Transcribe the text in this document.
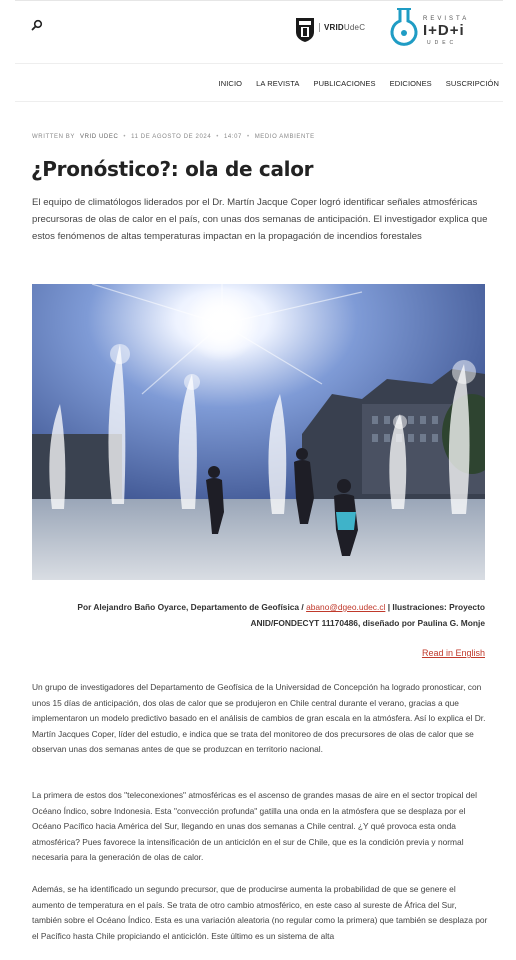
VRIDUdeC
REVISTA
I+D+i
UDEC
INICIO LA REVISTA PUBLICACIONES EDICIONES SUSCRIPCIÓN
WRITTEN BY VRID UDEC • 11 DE AGOSTO DE 2024 • 14:07 • MEDIO AMBIENTE
¿Pronóstico?: ola de calor

El equipo de climatólogos liderados por el Dr. Martín Jacque Coper logró identificar señales atmosféricas precursoras de olas de calor en el país, con unas dos semanas de anticipación. El investigador explica que estos fenómenos de altas temperaturas impactan en la propagación de incendios forestales

Por Alejandro Baño Oyarce, Departamento de Geofísica / abano@dgeo.udec.cl | Ilustraciones: Proyecto ANID/FONDECYT 11170486, diseñado por Paulina G. Monje

Read in English

Un grupo de investigadores del Departamento de Geofísica de la Universidad de Concepción ha logrado pronosticar, con unos 15 días de anticipación, dos olas de calor que se produjeron en Chile central durante el verano, gracias a que implementaron un modelo predictivo basado en el análisis de cambios de gran escala en la atmósfera. Así lo explica el Dr. Martín Jacques Coper, líder del estudio, e indica que se trata del monitoreo de dos precursores de olas de calor que se observan unas dos semanas antes de que se produzcan en territorio nacional.

La primera de estos dos "teleconexiones" atmosféricas es el ascenso de grandes masas de aire en el sector tropical del Océano Índico, sobre Indonesia. Esta "convección profunda" gatilla una onda en la atmósfera que se desplaza por el Océano Pacífico hacia América del Sur, llegando en unas dos semanas a Chile central. ¿Y qué provoca esta onda atmosférica? Pues favorece la intensificación de un anticiclón en el sur de Chile, que es la condición previa y normal necesaria para la generación de olas de calor.

Además, se ha identificado un segundo precursor, que de producirse aumenta la probabilidad de que se genere el aumento de temperatura en el país. Se trata de otro cambio atmosférico, en este caso al sureste de África del Sur, también sobre el Océano Índico. Esta es una variación aleatoria (no regular como la primera) que también se desplaza por el Pacífico hasta Chile propiciando el anticiclón. Este último es un sistema de alta
